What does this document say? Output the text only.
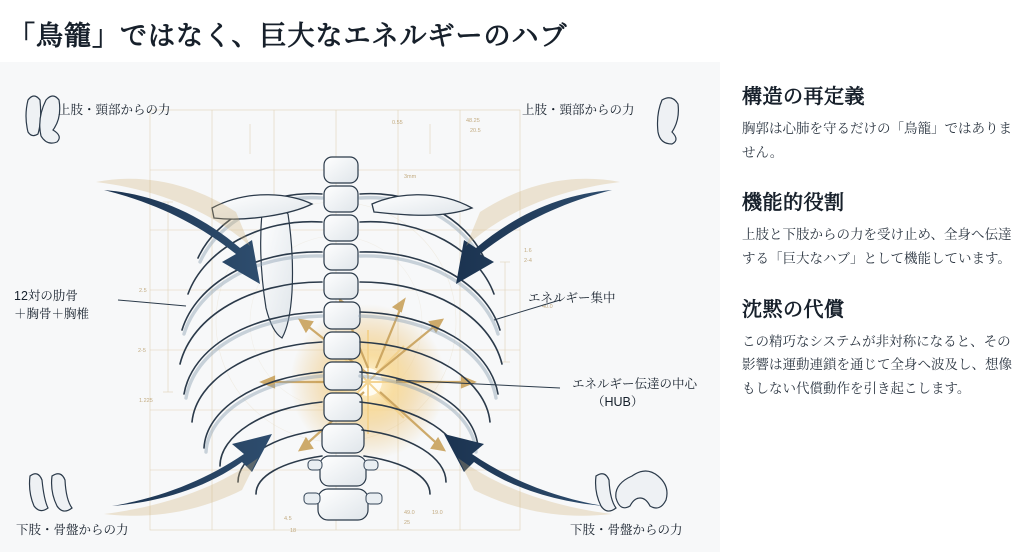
「鳥籠」ではなく、巨大なエネルギーのハブ
0.55	48.25
20.5
3mm
1.6
2-4
40.0
2.5
2-5
1.225
4.5
18
49.0	19.0
25
上肢・頸部からの力	上肢・頸部からの力
下肢・骨盤からの力	下肢・骨盤からの力
12対の肋骨
＋胸骨＋胸椎
エネルギー集中
エネルギー伝達の中心
（HUB）
構造の再定義

胸郭は心肺を守るだけの「鳥籠」ではありません。

機能的役割

上肢と下肢からの力を受け止め、全身へ伝達する「巨大なハブ」として機能しています。

沈黙の代償

この精巧なシステムが非対称になると、その影響は運動連鎖を通じて全身へ波及し、想像もしない代償動作を引き起こします。
